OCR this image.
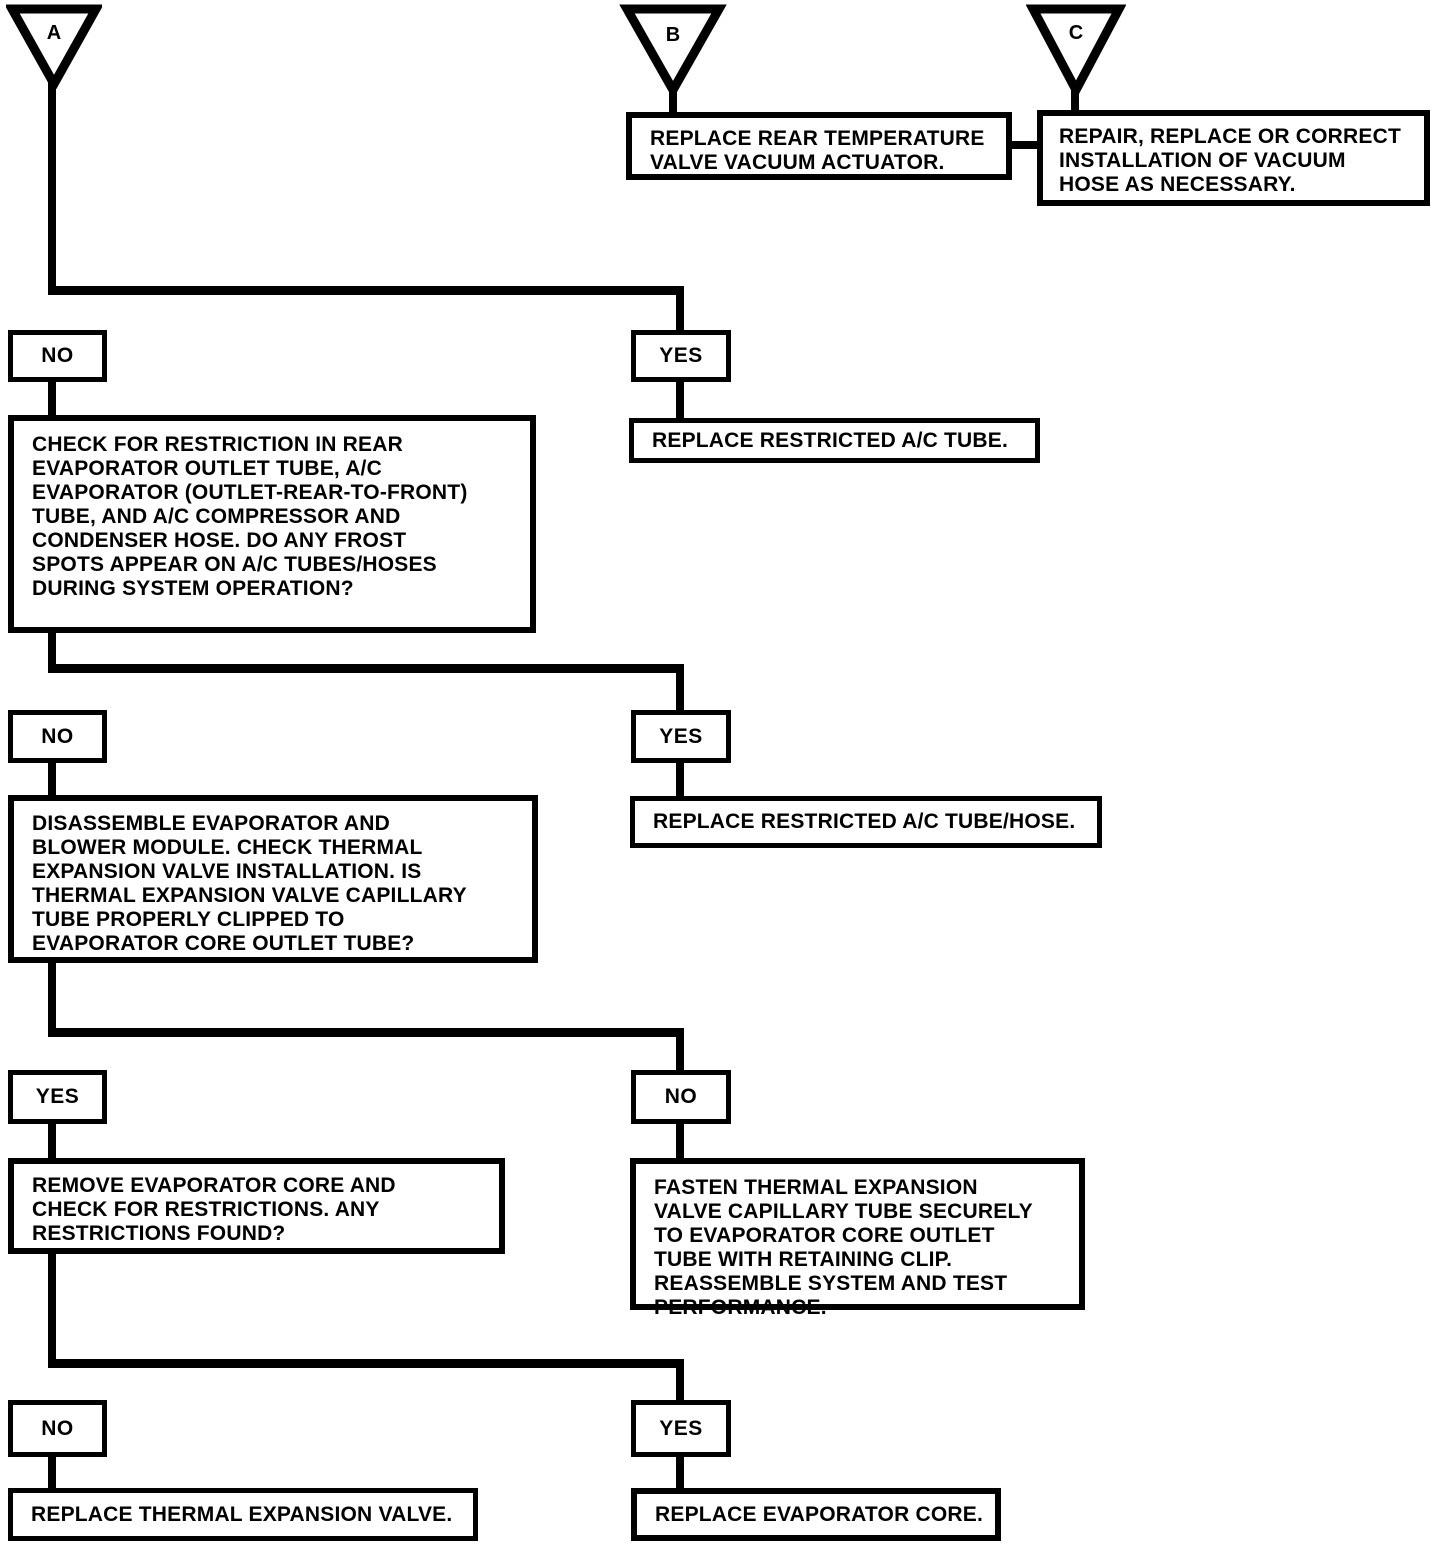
A	B	C
REPLACE REAR TEMPERATURE VALVE VACUUM ACTUATOR.
REPAIR, REPLACE OR CORRECT INSTALLATION OF VACUUM HOSE AS NECESSARY.
NO	YES
CHECK FOR RESTRICTION IN REAR EVAPORATOR OUTLET TUBE, A/C EVAPORATOR (OUTLET-REAR-TO-FRONT) TUBE, AND A/C COMPRESSOR AND CONDENSER HOSE. DO ANY FROST SPOTS APPEAR ON A/C TUBES/HOSES DURING SYSTEM OPERATION?
REPLACE RESTRICTED A/C TUBE.
NO	YES
DISASSEMBLE EVAPORATOR AND BLOWER MODULE. CHECK THERMAL EXPANSION VALVE INSTALLATION. IS THERMAL EXPANSION VALVE CAPILLARY TUBE PROPERLY CLIPPED TO EVAPORATOR CORE OUTLET TUBE?
REPLACE RESTRICTED A/C TUBE/HOSE.
YES	NO
REMOVE EVAPORATOR CORE AND CHECK FOR RESTRICTIONS. ANY RESTRICTIONS FOUND?
FASTEN THERMAL EXPANSION VALVE CAPILLARY TUBE SECURELY TO EVAPORATOR CORE OUTLET TUBE WITH RETAINING CLIP. REASSEMBLE SYSTEM AND TEST PERFORMANCE.
NO	YES
REPLACE THERMAL EXPANSION VALVE.	REPLACE EVAPORATOR CORE.
